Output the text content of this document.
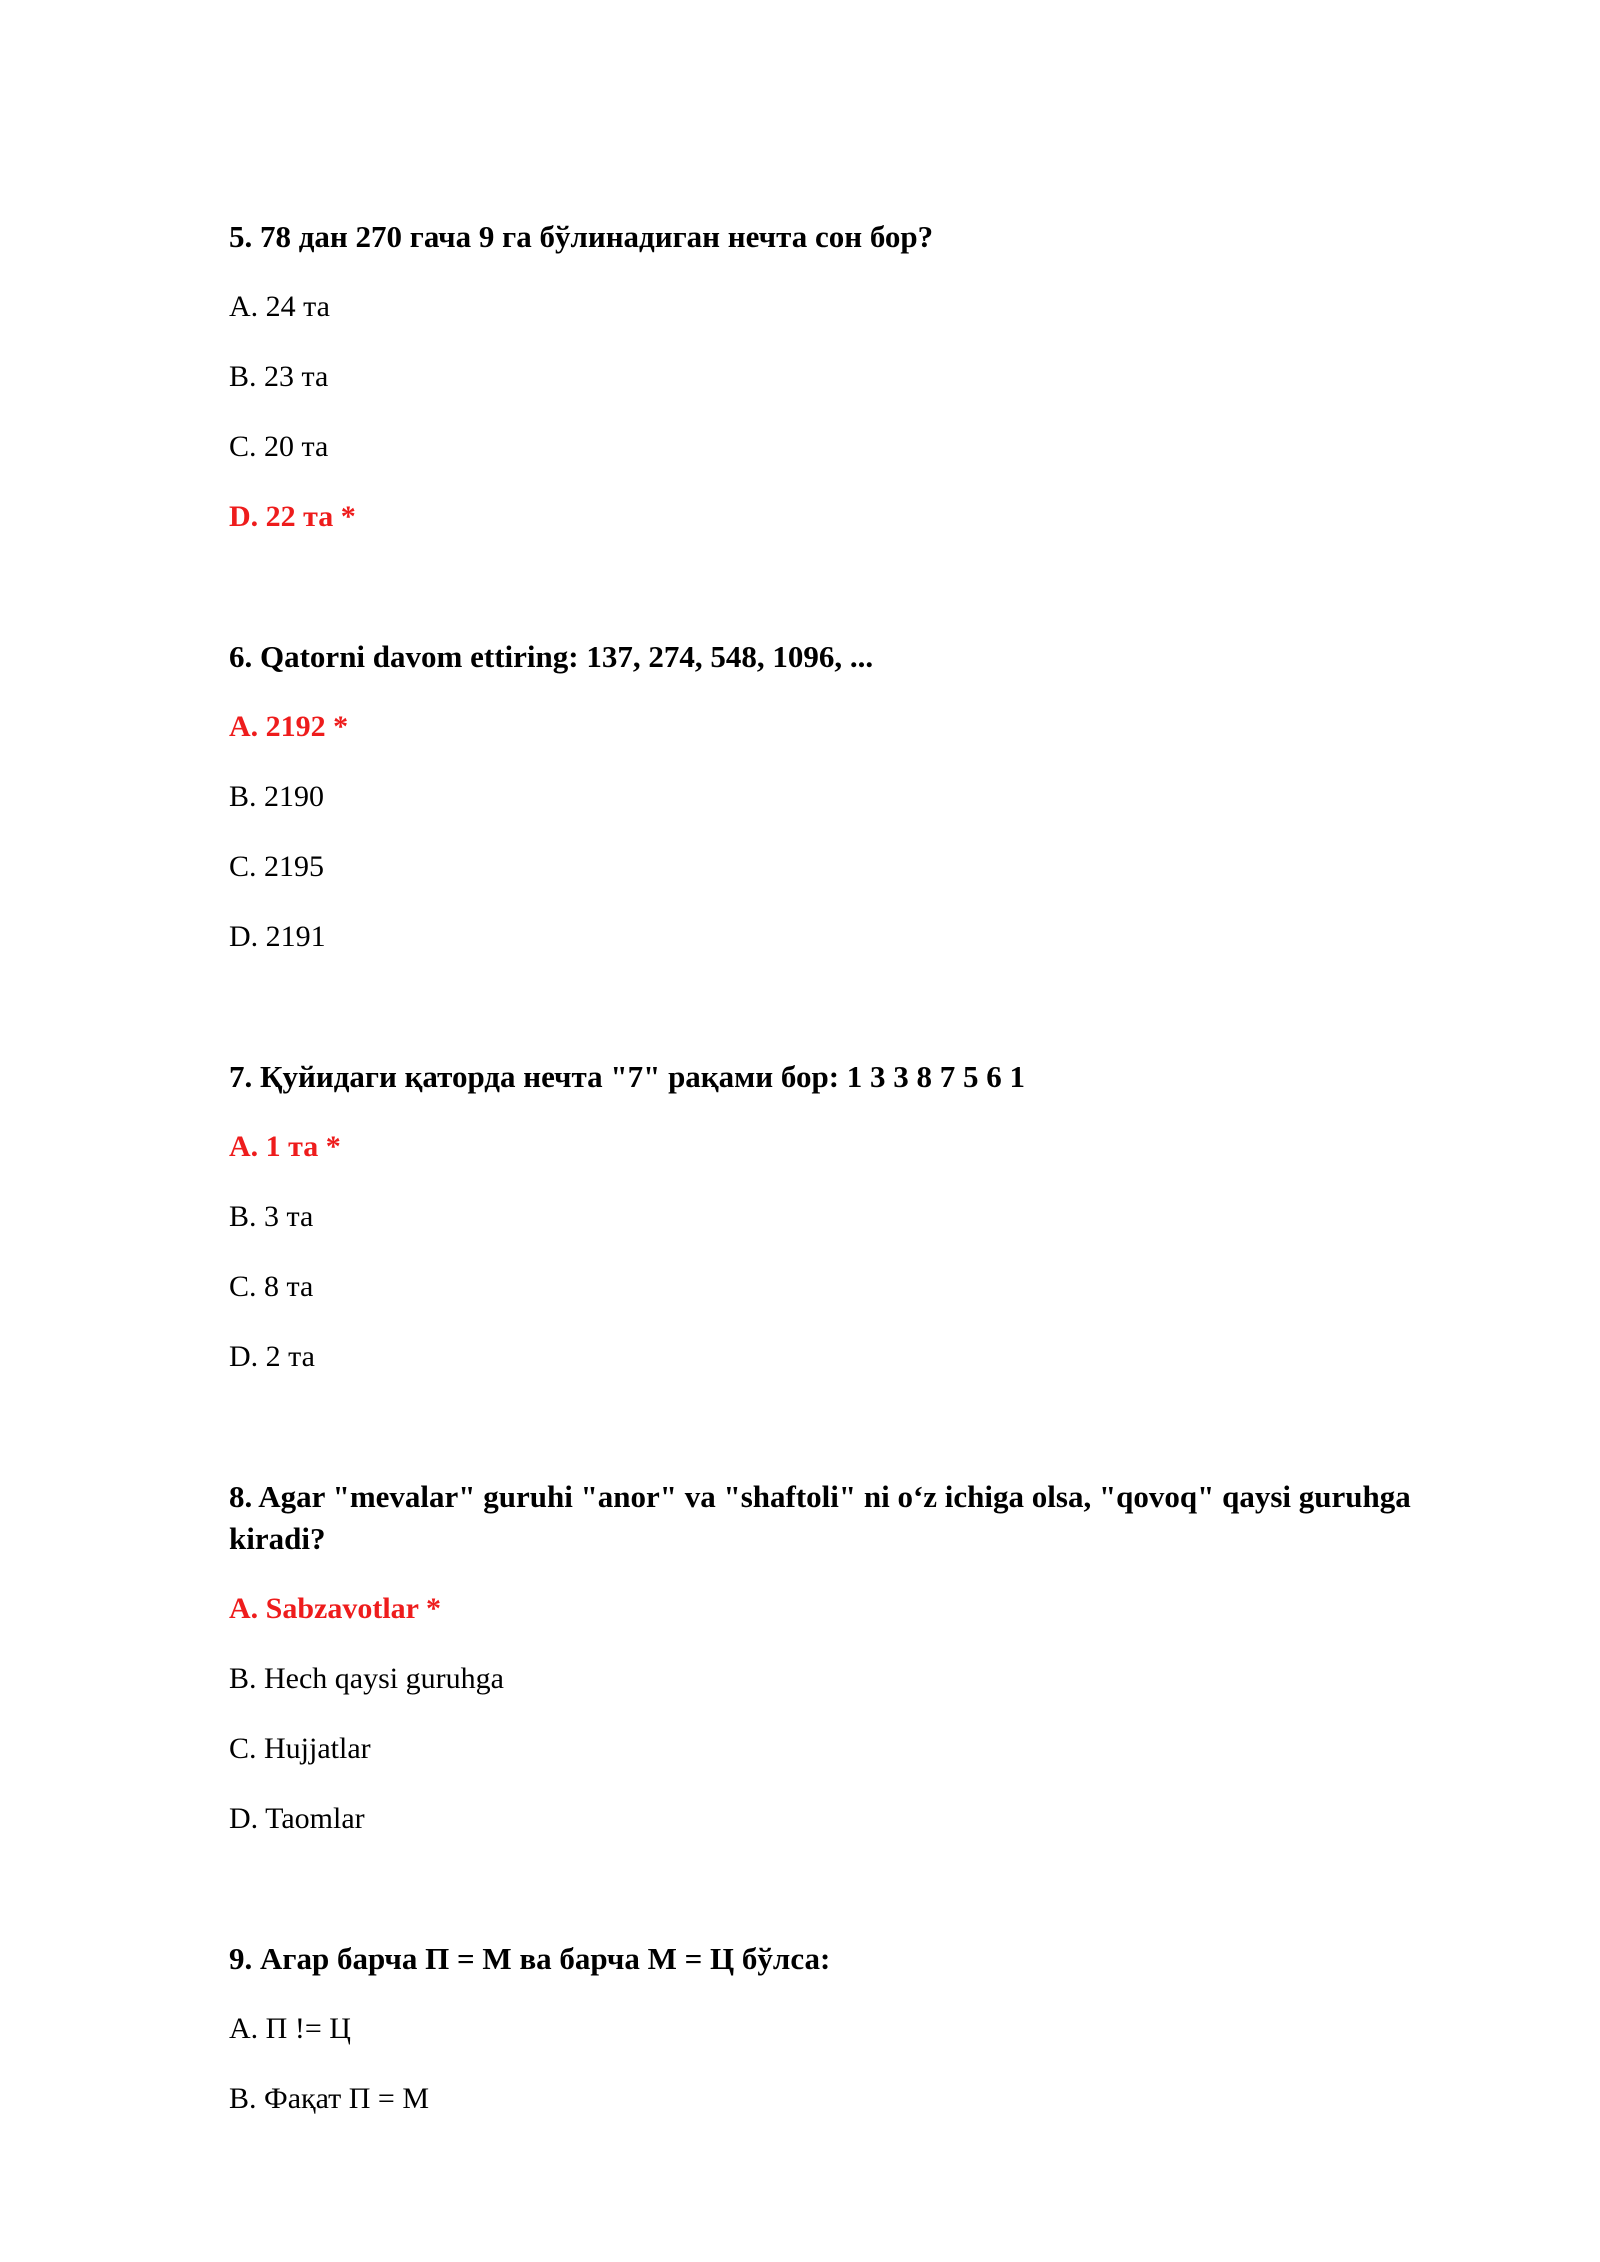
5. 78 дан 270 гача 9 га бўлинадиган нечта сон бор?

A. 24 та

B. 23 та

C. 20 та

D. 22 та *

6. Qatorni davom ettiring: 137, 274, 548, 1096, ...

A. 2192 *

B. 2190

C. 2195

D. 2191

7. Қуйидаги қаторда нечта "7" рақами бор: 1 3 3 8 7 5 6 1

A. 1 та *

B. 3 та

C. 8 та

D. 2 та

8. Agar "mevalar" guruhi "anor" va "shaftoli" ni o‘z ichiga olsa, "qovoq" qaysi guruhga kiradi?

A. Sabzavotlar *

B. Hech qaysi guruhga

C. Hujjatlar

D. Taomlar

9. Агар барча П = М ва барча М = Ц бўлса:

A. П != Ц

B. Фақат П = М
